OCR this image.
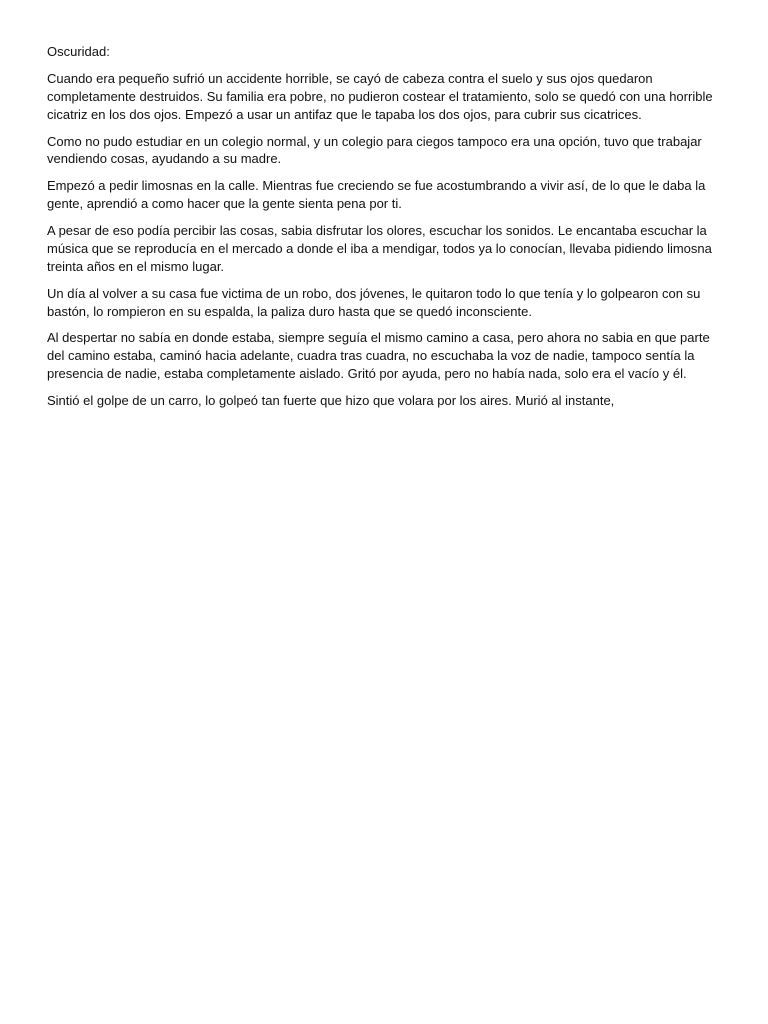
Oscuridad:

Cuando era pequeño sufrió un accidente horrible, se cayó de cabeza contra el suelo y sus ojos quedaron completamente destruidos. Su familia era pobre, no pudieron costear el tratamiento, solo se quedó con una horrible cicatriz en los dos ojos. Empezó a usar un antifaz que le tapaba los dos ojos, para cubrir sus cicatrices.

Como no pudo estudiar en un colegio normal, y un colegio para ciegos tampoco era una opción, tuvo que trabajar vendiendo cosas, ayudando a su madre.

Empezó a pedir limosnas en la calle. Mientras fue creciendo se fue acostumbrando a vivir así, de lo que le daba la gente, aprendió a como hacer que la gente sienta pena por ti.

A pesar de eso podía percibir las cosas, sabia disfrutar los olores, escuchar los sonidos. Le encantaba escuchar la música que se reproducía en el mercado a donde el iba a mendigar, todos ya lo conocían, llevaba pidiendo limosna treinta años en el mismo lugar.

Un día al volver a su casa fue victima de un robo, dos jóvenes, le quitaron todo lo que tenía y lo golpearon con su bastón, lo rompieron en su espalda, la paliza duro hasta que se quedó inconsciente.

Al despertar no sabía en donde estaba, siempre seguía el mismo camino a casa, pero ahora no sabia en que parte del camino estaba, caminó hacia adelante, cuadra tras cuadra, no escuchaba la voz de nadie, tampoco sentía la presencia de nadie, estaba completamente aislado. Gritó por ayuda, pero no había nada, solo era el vacío y él.

Sintió el golpe de un carro, lo golpeó tan fuerte que hizo que volara por los aires. Murió al instante,
